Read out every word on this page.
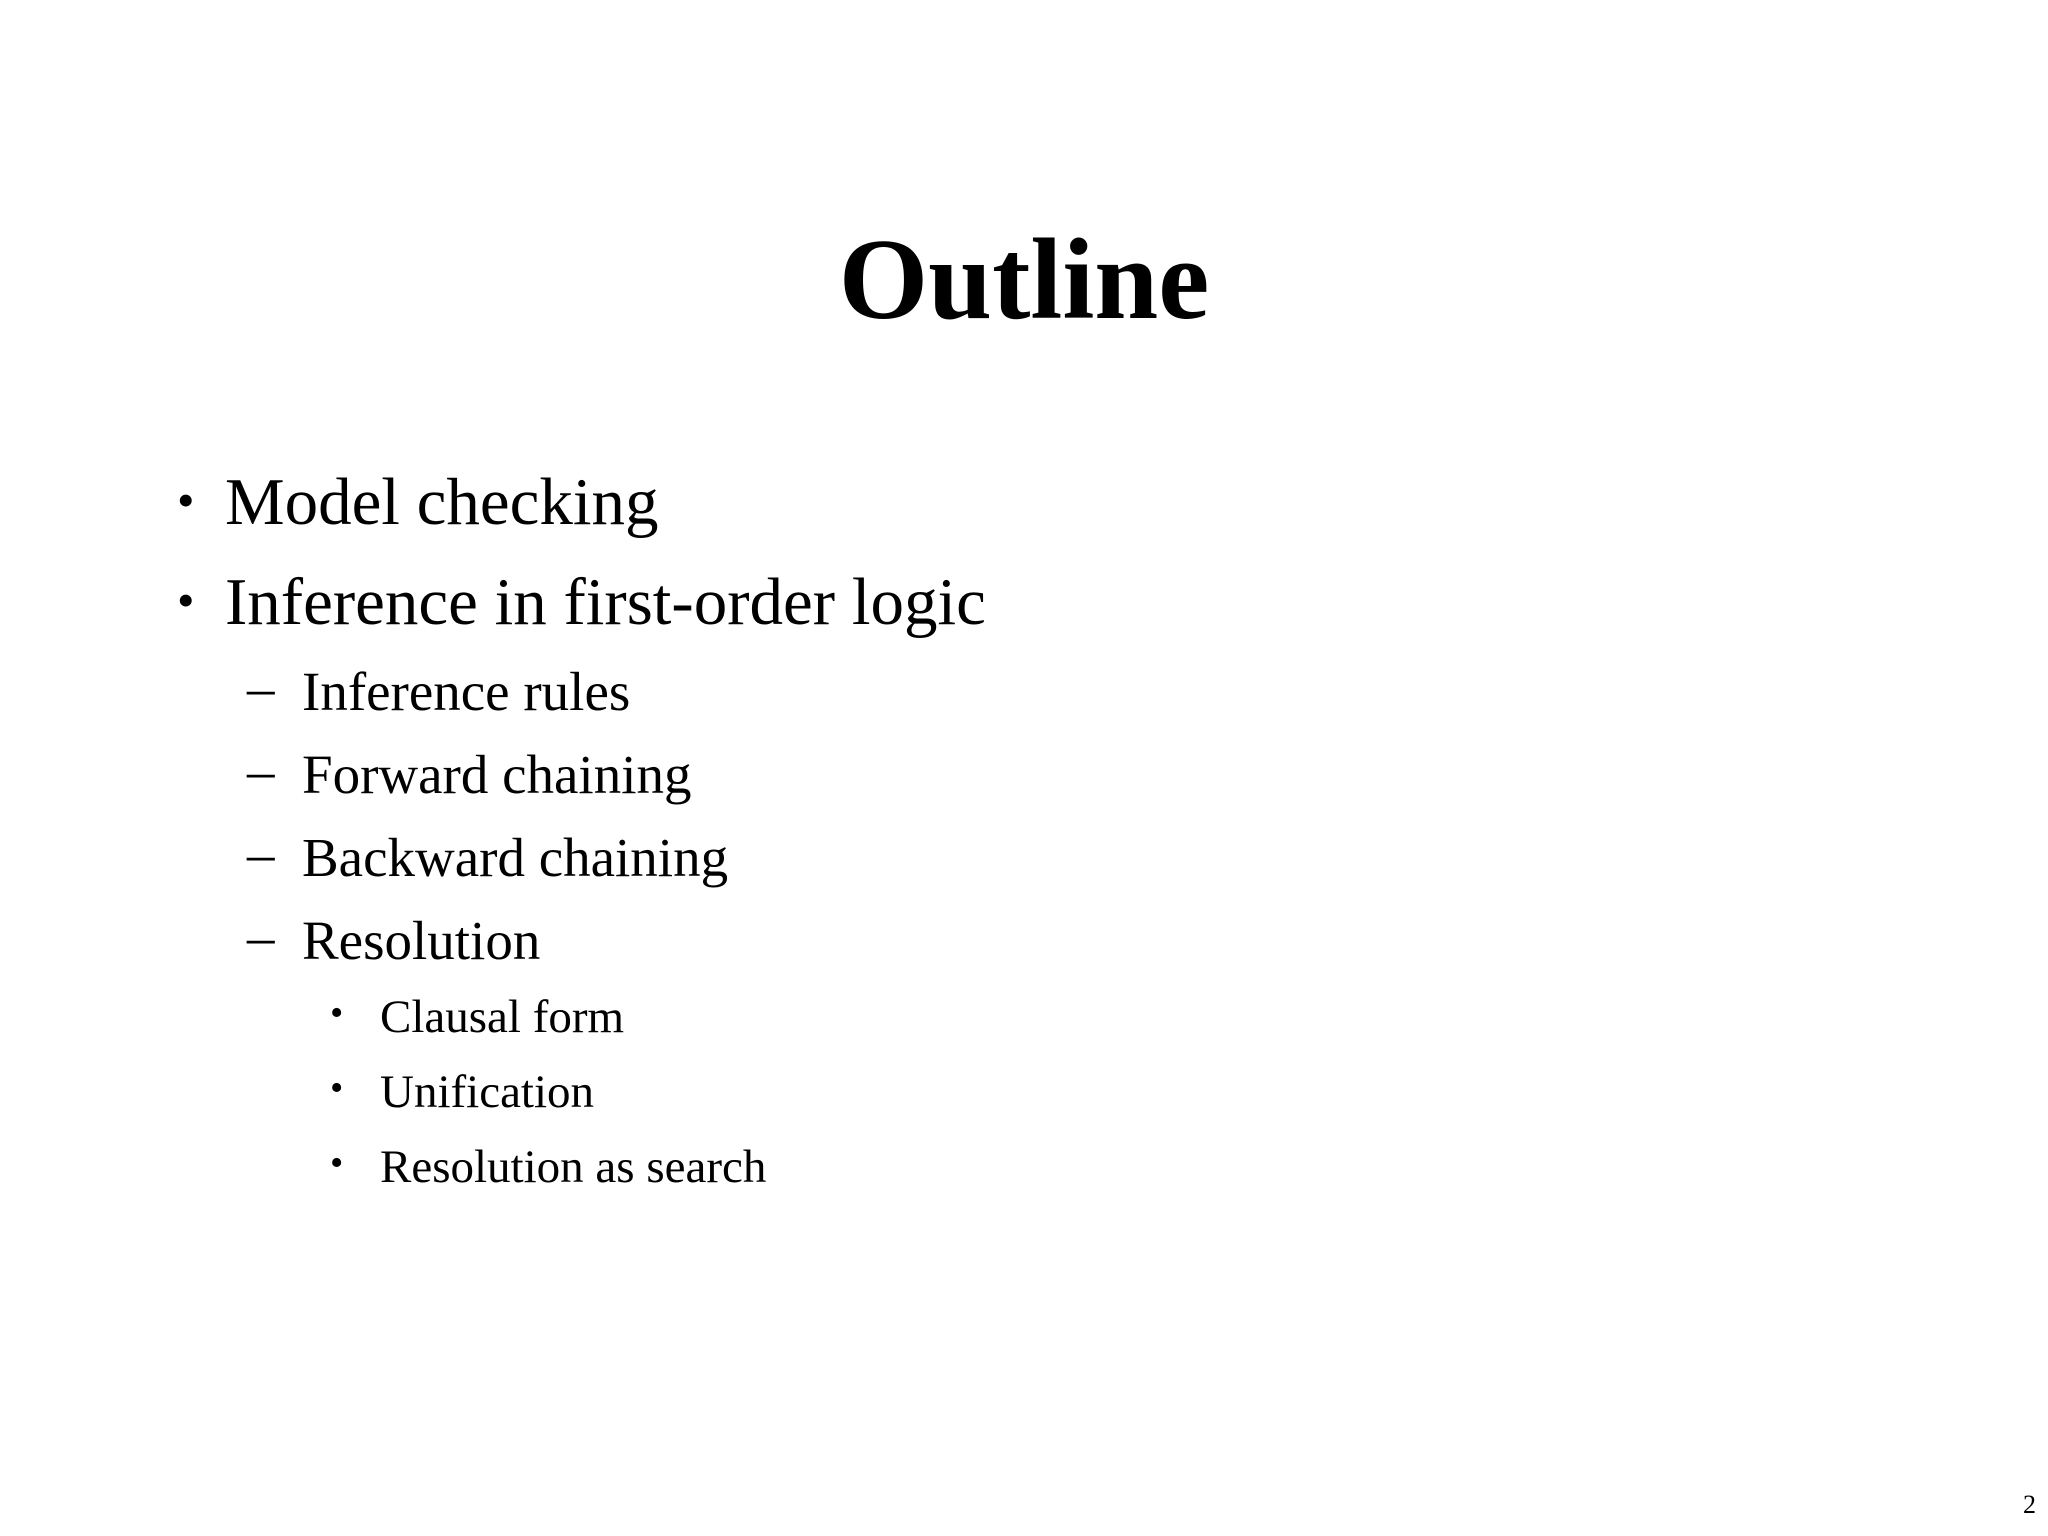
Outline
• Model checking
• Inference in first-order logic
– Inference rules
– Forward chaining
– Backward chaining
– Resolution
• Clausal form
• Unification
• Resolution as search
2
